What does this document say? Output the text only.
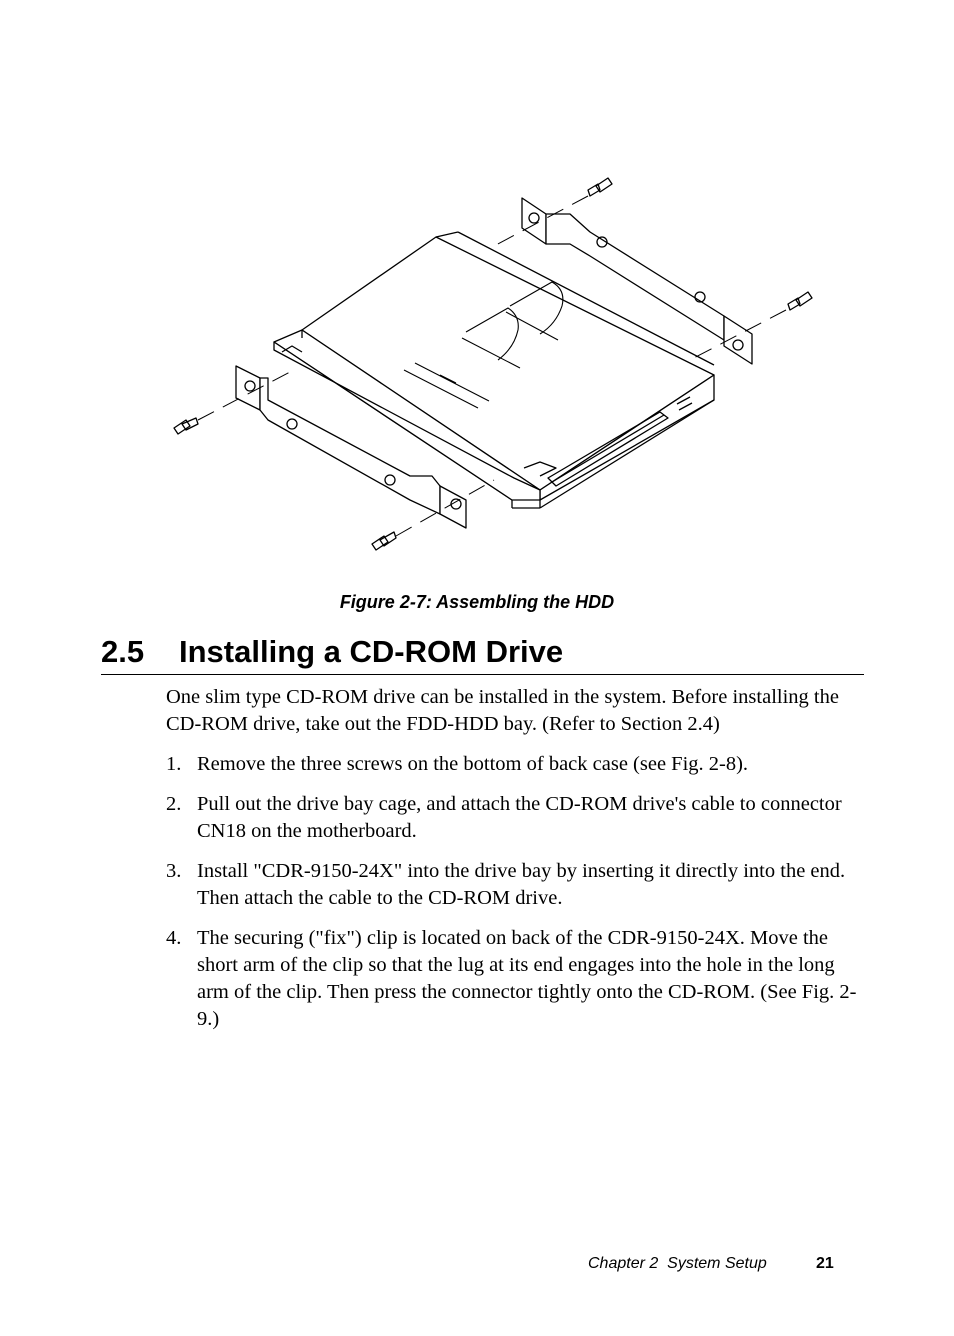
Figure 2-7: Assembling the HDD
2.5 Installing a CD-ROM Drive

One slim type CD-ROM drive can be installed in the system. Before installing the CD-ROM drive, take out the FDD-HDD bay. (Refer to Section 2.4)

1. Remove the three screws on the bottom of back case (see Fig. 2-8).
2. Pull out the drive bay cage, and attach the CD-ROM drive's cable to connector CN18 on the motherboard.
3. Install "CDR-9150-24X" into the drive bay by inserting it directly into the end. Then attach the cable to the CD-ROM drive.
4. The securing ("fix") clip is located on back of the CDR-9150-24X. Move the short arm of the clip so that the lug at its end engages into the hole in the long arm of the clip. Then press the connector tightly onto the CD-ROM. (See Fig. 2-9.)
Chapter 2  System Setup	21
